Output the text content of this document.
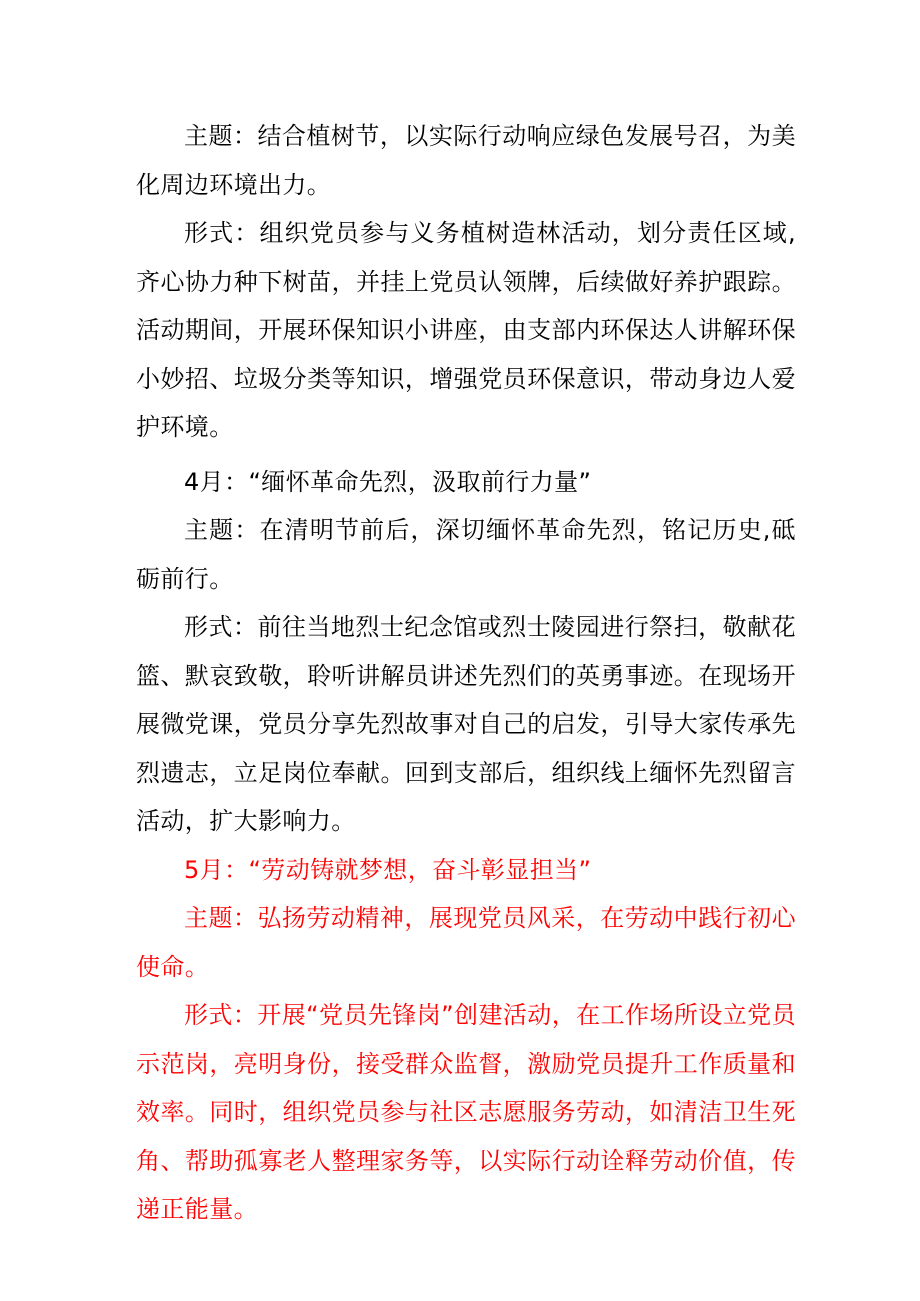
主题：结合植树节，以实际行动响应绿色发展号召，为美化周边环境出力。

形式：组织党员参与义务植树造林活动，划分责任区域,齐心协力种下树苗，并挂上党员认领牌，后续做好养护跟踪。活动期间，开展环保知识小讲座，由支部内环保达人讲解环保小妙招、垃圾分类等知识，增强党员环保意识，带动身边人爱护环境。

4月：“缅怀革命先烈，汲取前行力量”

主题：在清明节前后，深切缅怀革命先烈，铭记历史,砥砺前行。

形式：前往当地烈士纪念馆或烈士陵园进行祭扫，敬献花篮、默哀致敬，聆听讲解员讲述先烈们的英勇事迹。在现场开展微党课，党员分享先烈故事对自己的启发，引导大家传承先烈遗志，立足岗位奉献。回到支部后，组织线上缅怀先烈留言活动，扩大影响力。

5月：“劳动铸就梦想，奋斗彰显担当”

主题：弘扬劳动精神，展现党员风采，在劳动中践行初心使命。

形式：开展“党员先锋岗”创建活动，在工作场所设立党员示范岗，亮明身份，接受群众监督，激励党员提升工作质量和效率。同时，组织党员参与社区志愿服务劳动，如清洁卫生死角、帮助孤寡老人整理家务等，以实际行动诠释劳动价值，传递正能量。
